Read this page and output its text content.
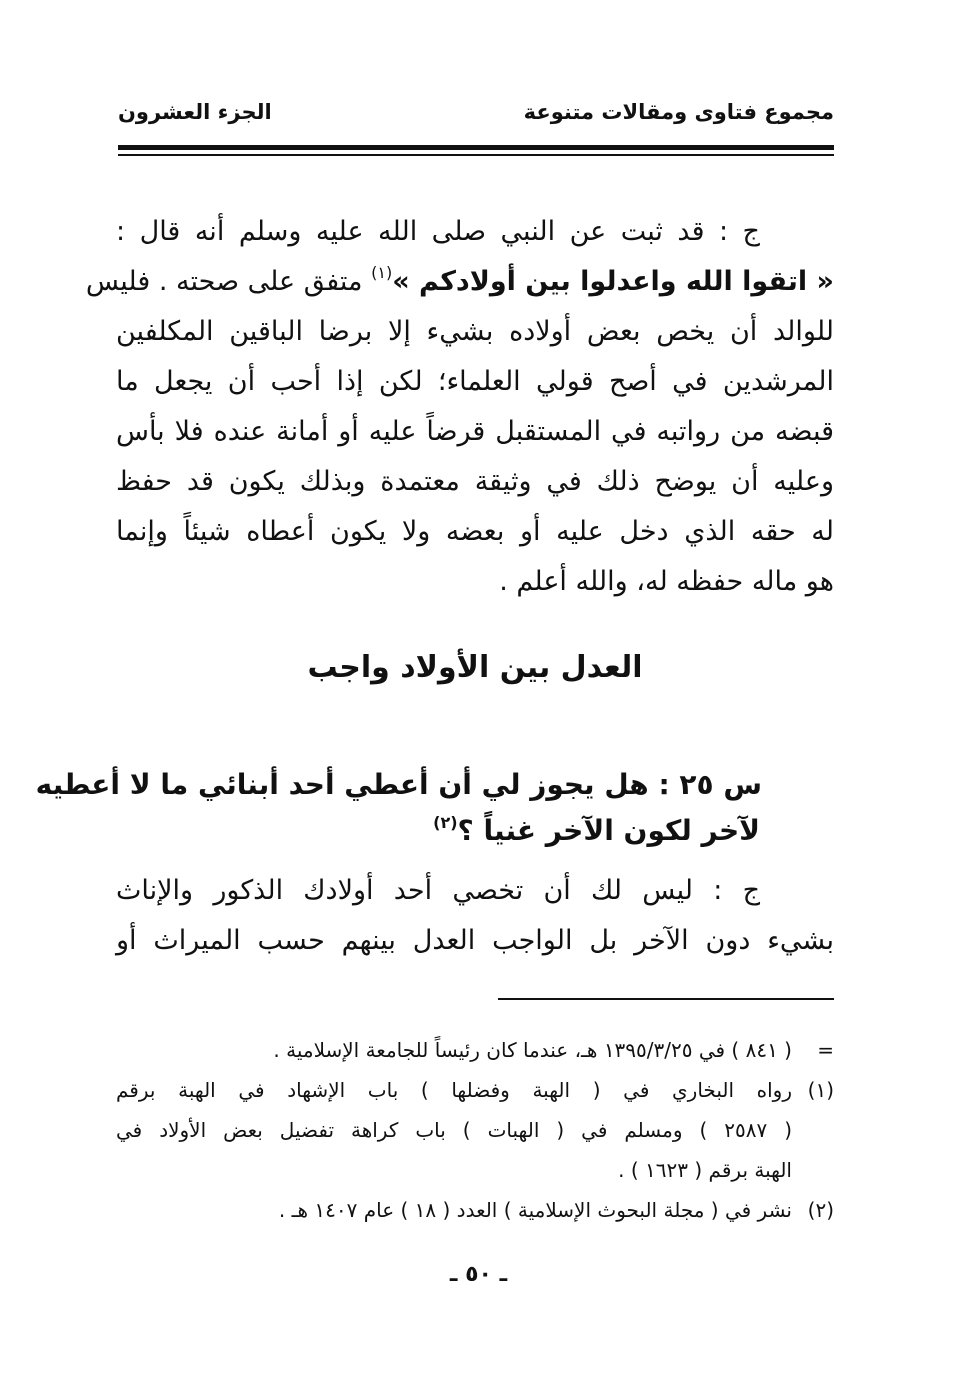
مجموع فتاوى ومقالات متنوعة
الجزء العشرون
ج : قد ثبت عن النبي صلى الله عليه وسلم أنه قال :
« اتقوا الله واعدلوا بين أولادكم »$^{(١)}$ متفق على صحته . فليس
للوالد أن يخص بعض أولاده بشيء إلا برضا الباقين المكلفين
المرشدين في أصح قولي العلماء؛ لكن إذا أحب أن يجعل ما
قبضه من رواتبه في المستقبل قرضاً عليه أو أمانة عنده فلا بأس
وعليه أن يوضح ذلك في وثيقة معتمدة وبذلك يكون قد حفظ
له حقه الذي دخل عليه أو بعضه ولا يكون أعطاه شيئاً وإنما
هو ماله حفظه له، والله أعلم .
العدل بين الأولاد واجب
س ٢٥ : هل يجوز لي أن أعطي أحد أبنائي ما لا أعطيه
لآخر لكون الآخر غنياً ؟$^{(٢)}$
ج : ليس لك أن تخصي أحد أولادك الذكور والإناث
بشيء دون الآخر بل الواجب العدل بينهم حسب الميراث أو
=
( ٨٤١ ) في ١٣٩٥/٣/٢٥ هـ، عندما كان رئيساً للجامعة الإسلامية .
(١)
رواه البخاري في ( الهبة وفضلها ) باب الإشهاد في الهبة برقم
( ٢٥٨٧ ) ومسلم في ( الهبات ) باب كراهة تفضيل بعض الأولاد في
الهبة برقم ( ١٦٢٣ ) .
(٢)
نشر في ( مجلة البحوث الإسلامية ) العدد ( ١٨ ) عام ١٤٠٧ هـ .
ـ ٥٠ ـ
